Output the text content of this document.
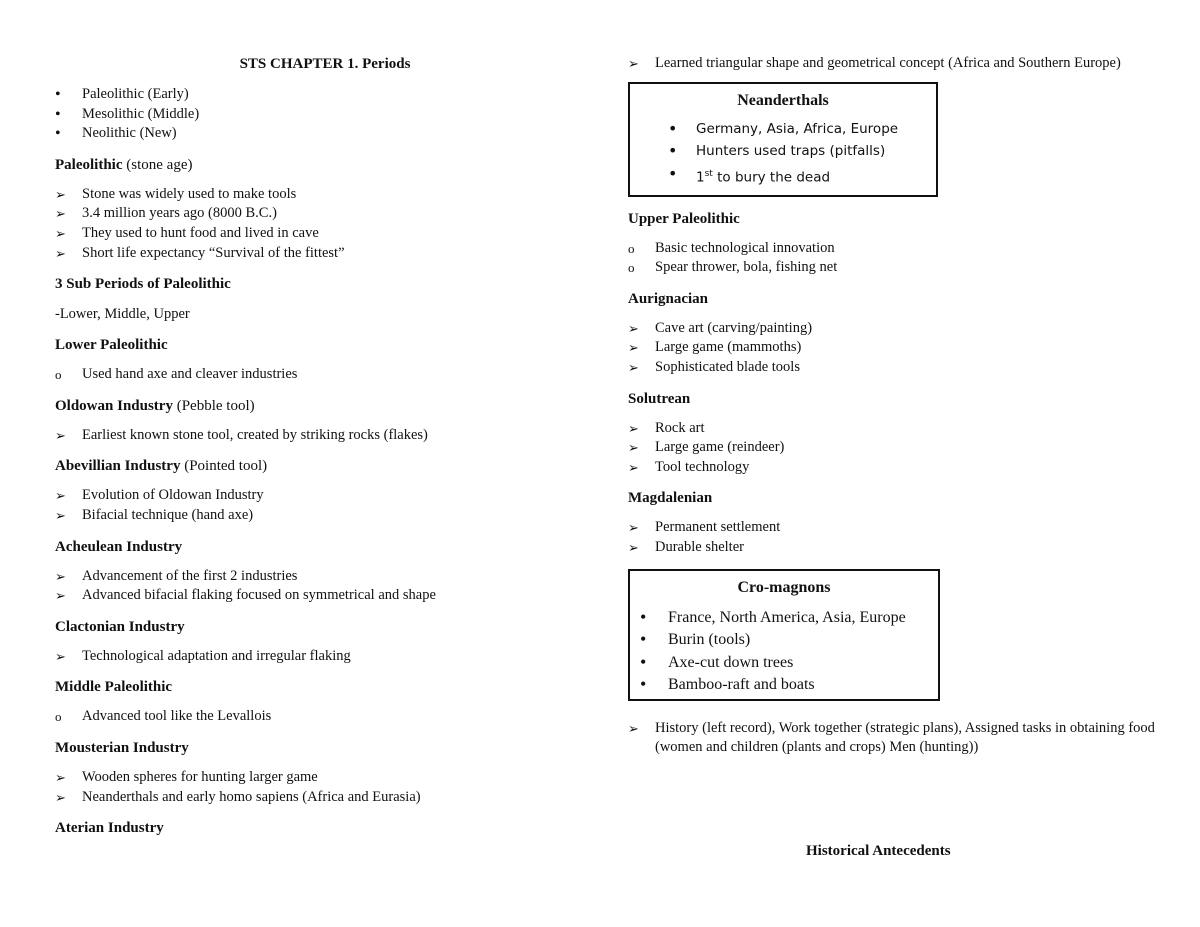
STS CHAPTER 1. Periods
•
Paleolithic (Early)
•
Mesolithic (Middle)
•
Neolithic (New)
Paleolithic (stone age)
➢
Stone was widely used to make tools
➢
3.4 million years ago (8000 B.C.)
➢
They used to hunt food and lived in cave
➢
Short life expectancy “Survival of the fittest”
3 Sub Periods of Paleolithic
-Lower, Middle, Upper
Lower Paleolithic
o
Used hand axe and cleaver industries
Oldowan Industry (Pebble tool)
➢
Earliest known stone tool, created by striking rocks (flakes)
Abevillian Industry (Pointed tool)
➢
Evolution of Oldowan Industry
➢
Bifacial technique (hand axe)
Acheulean Industry
➢
Advancement of the first 2 industries
➢
Advanced bifacial flaking focused on symmetrical and shape
Clactonian Industry
➢
Technological adaptation and irregular flaking
Middle Paleolithic
o
Advanced tool like the Levallois
Mousterian Industry
➢
Wooden spheres for hunting larger game
➢
Neanderthals and early homo sapiens (Africa and Eurasia)
Aterian Industry
➢
Learned triangular shape and geometrical concept (Africa and Southern Europe)
Neanderthals
•
Germany, Asia, Africa, Europe
•
Hunters used traps (pitfalls)
•
1st to bury the dead
Upper Paleolithic
o
Basic technological innovation
o
Spear thrower, bola, fishing net
Aurignacian
➢
Cave art (carving/painting)
➢
Large game (mammoths)
➢
Sophisticated blade tools
Solutrean
➢
Rock art
➢
Large game (reindeer)
➢
Tool technology
Magdalenian
➢
Permanent settlement
➢
Durable shelter
Cro-magnons
•
France, North America, Asia, Europe
•
Burin (tools)
•
Axe-cut down trees
•
Bamboo-raft and boats
➢
History (left record), Work together (strategic plans), Assigned tasks in obtaining food (women and children (plants and crops) Men (hunting))
Historical Antecedents
